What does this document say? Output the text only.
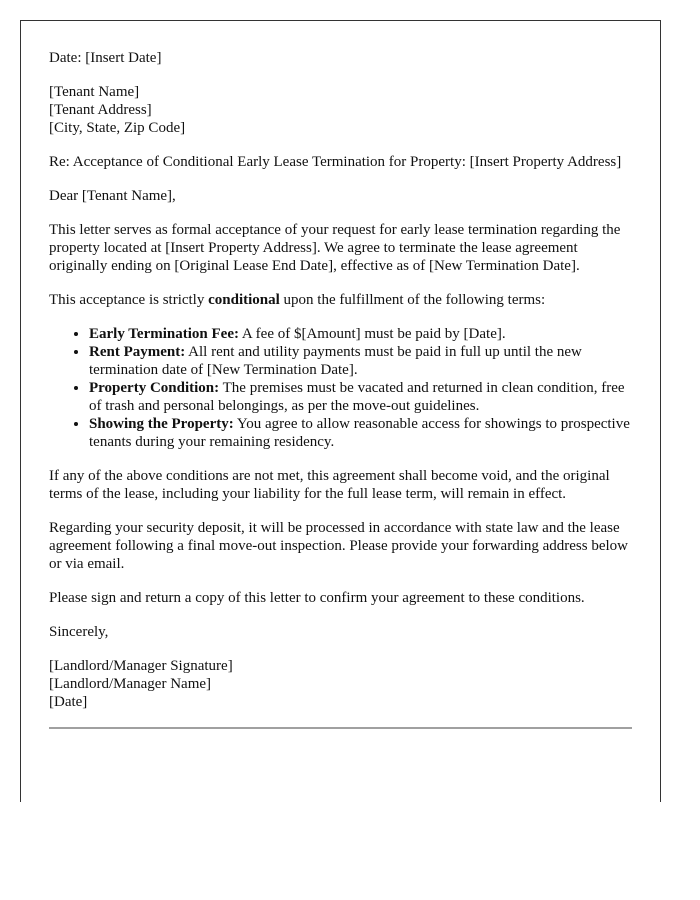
Date: [Insert Date]

[Tenant Name]
[Tenant Address]
[City, State, Zip Code]

Re: Acceptance of Conditional Early Lease Termination for Property: [Insert Property Address]

Dear [Tenant Name],

This letter serves as formal acceptance of your request for early lease termination regarding the property located at [Insert Property Address]. We agree to terminate the lease agreement originally ending on [Original Lease End Date], effective as of [New Termination Date].

This acceptance is strictly conditional upon the fulfillment of the following terms:

• Early Termination Fee: A fee of $[Amount] must be paid by [Date].
• Rent Payment: All rent and utility payments must be paid in full up until the new termination date of [New Termination Date].
• Property Condition: The premises must be vacated and returned in clean condition, free of trash and personal belongings, as per the move-out guidelines.
• Showing the Property: You agree to allow reasonable access for showings to prospective tenants during your remaining residency.

If any of the above conditions are not met, this agreement shall become void, and the original terms of the lease, including your liability for the full lease term, will remain in effect.

Regarding your security deposit, it will be processed in accordance with state law and the lease agreement following a final move-out inspection. Please provide your forwarding address below or via email.

Please sign and return a copy of this letter to confirm your agreement to these conditions.

Sincerely,

[Landlord/Manager Signature]
[Landlord/Manager Name]
[Date]
